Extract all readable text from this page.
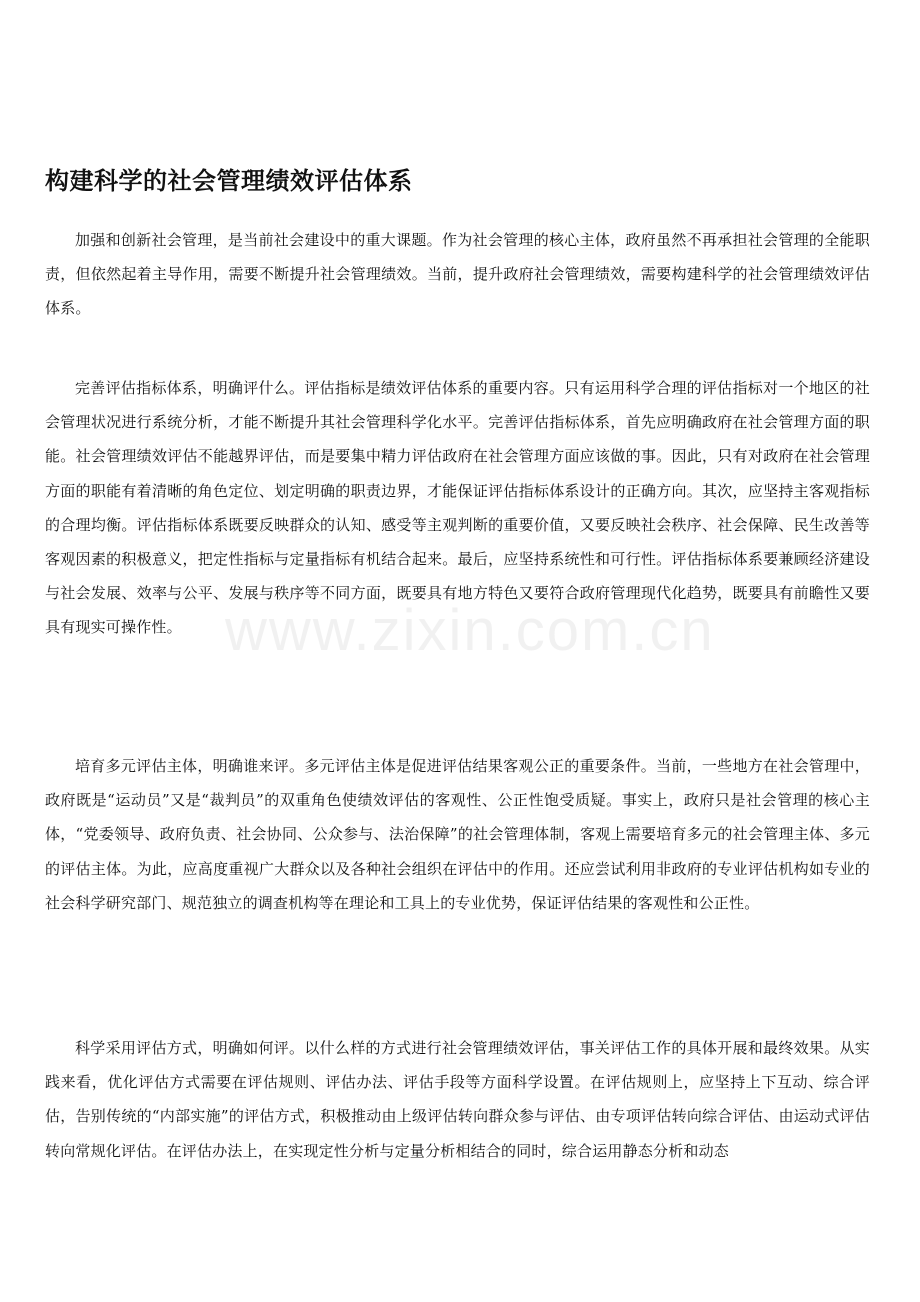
构建科学的社会管理绩效评估体系

加强和创新社会管理，是当前社会建设中的重大课题。作为社会管理的核心主体，政府虽然不再承担社会管理的全能职责，但依然起着主导作用，需要不断提升社会管理绩效。当前，提升政府社会管理绩效，需要构建科学的社会管理绩效评估体系。

完善评估指标体系，明确评什么。评估指标是绩效评估体系的重要内容。只有运用科学合理的评估指标对一个地区的社会管理状况进行系统分析，才能不断提升其社会管理科学化水平。完善评估指标体系，首先应明确政府在社会管理方面的职能。社会管理绩效评估不能越界评估，而是要集中精力评估政府在社会管理方面应该做的事。因此，只有对政府在社会管理方面的职能有着清晰的角色定位、划定明确的职责边界，才能保证评估指标体系设计的正确方向。其次，应坚持主客观指标的合理均衡。评估指标体系既要反映群众的认知、感受等主观判断的重要价值，又要反映社会秩序、社会保障、民生改善等客观因素的积极意义，把定性指标与定量指标有机结合起来。最后，应坚持系统性和可行性。评估指标体系要兼顾经济建设与社会发展、效率与公平、发展与秩序等不同方面，既要具有地方特色又要符合政府管理现代化趋势，既要具有前瞻性又要具有现实可操作性。

培育多元评估主体，明确谁来评。多元评估主体是促进评估结果客观公正的重要条件。当前，一些地方在社会管理中，政府既是“运动员”又是“裁判员”的双重角色使绩效评估的客观性、公正性饱受质疑。事实上，政府只是社会管理的核心主体，“党委领导、政府负责、社会协同、公众参与、法治保障”的社会管理体制，客观上需要培育多元的社会管理主体、多元的评估主体。为此，应高度重视广大群众以及各种社会组织在评估中的作用。还应尝试利用非政府的专业评估机构如专业的社会科学研究部门、规范独立的调查机构等在理论和工具上的专业优势，保证评估结果的客观性和公正性。

科学采用评估方式，明确如何评。以什么样的方式进行社会管理绩效评估，事关评估工作的具体开展和最终效果。从实践来看，优化评估方式需要在评估规则、评估办法、评估手段等方面科学设置。在评估规则上，应坚持上下互动、综合评估，告别传统的“内部实施”的评估方式，积极推动由上级评估转向群众参与评估、由专项评估转向综合评估、由运动式评估转向常规化评估。在评估办法上，在实现定性分析与定量分析相结合的同时，综合运用静态分析和动态

www.zixin.com.cn
